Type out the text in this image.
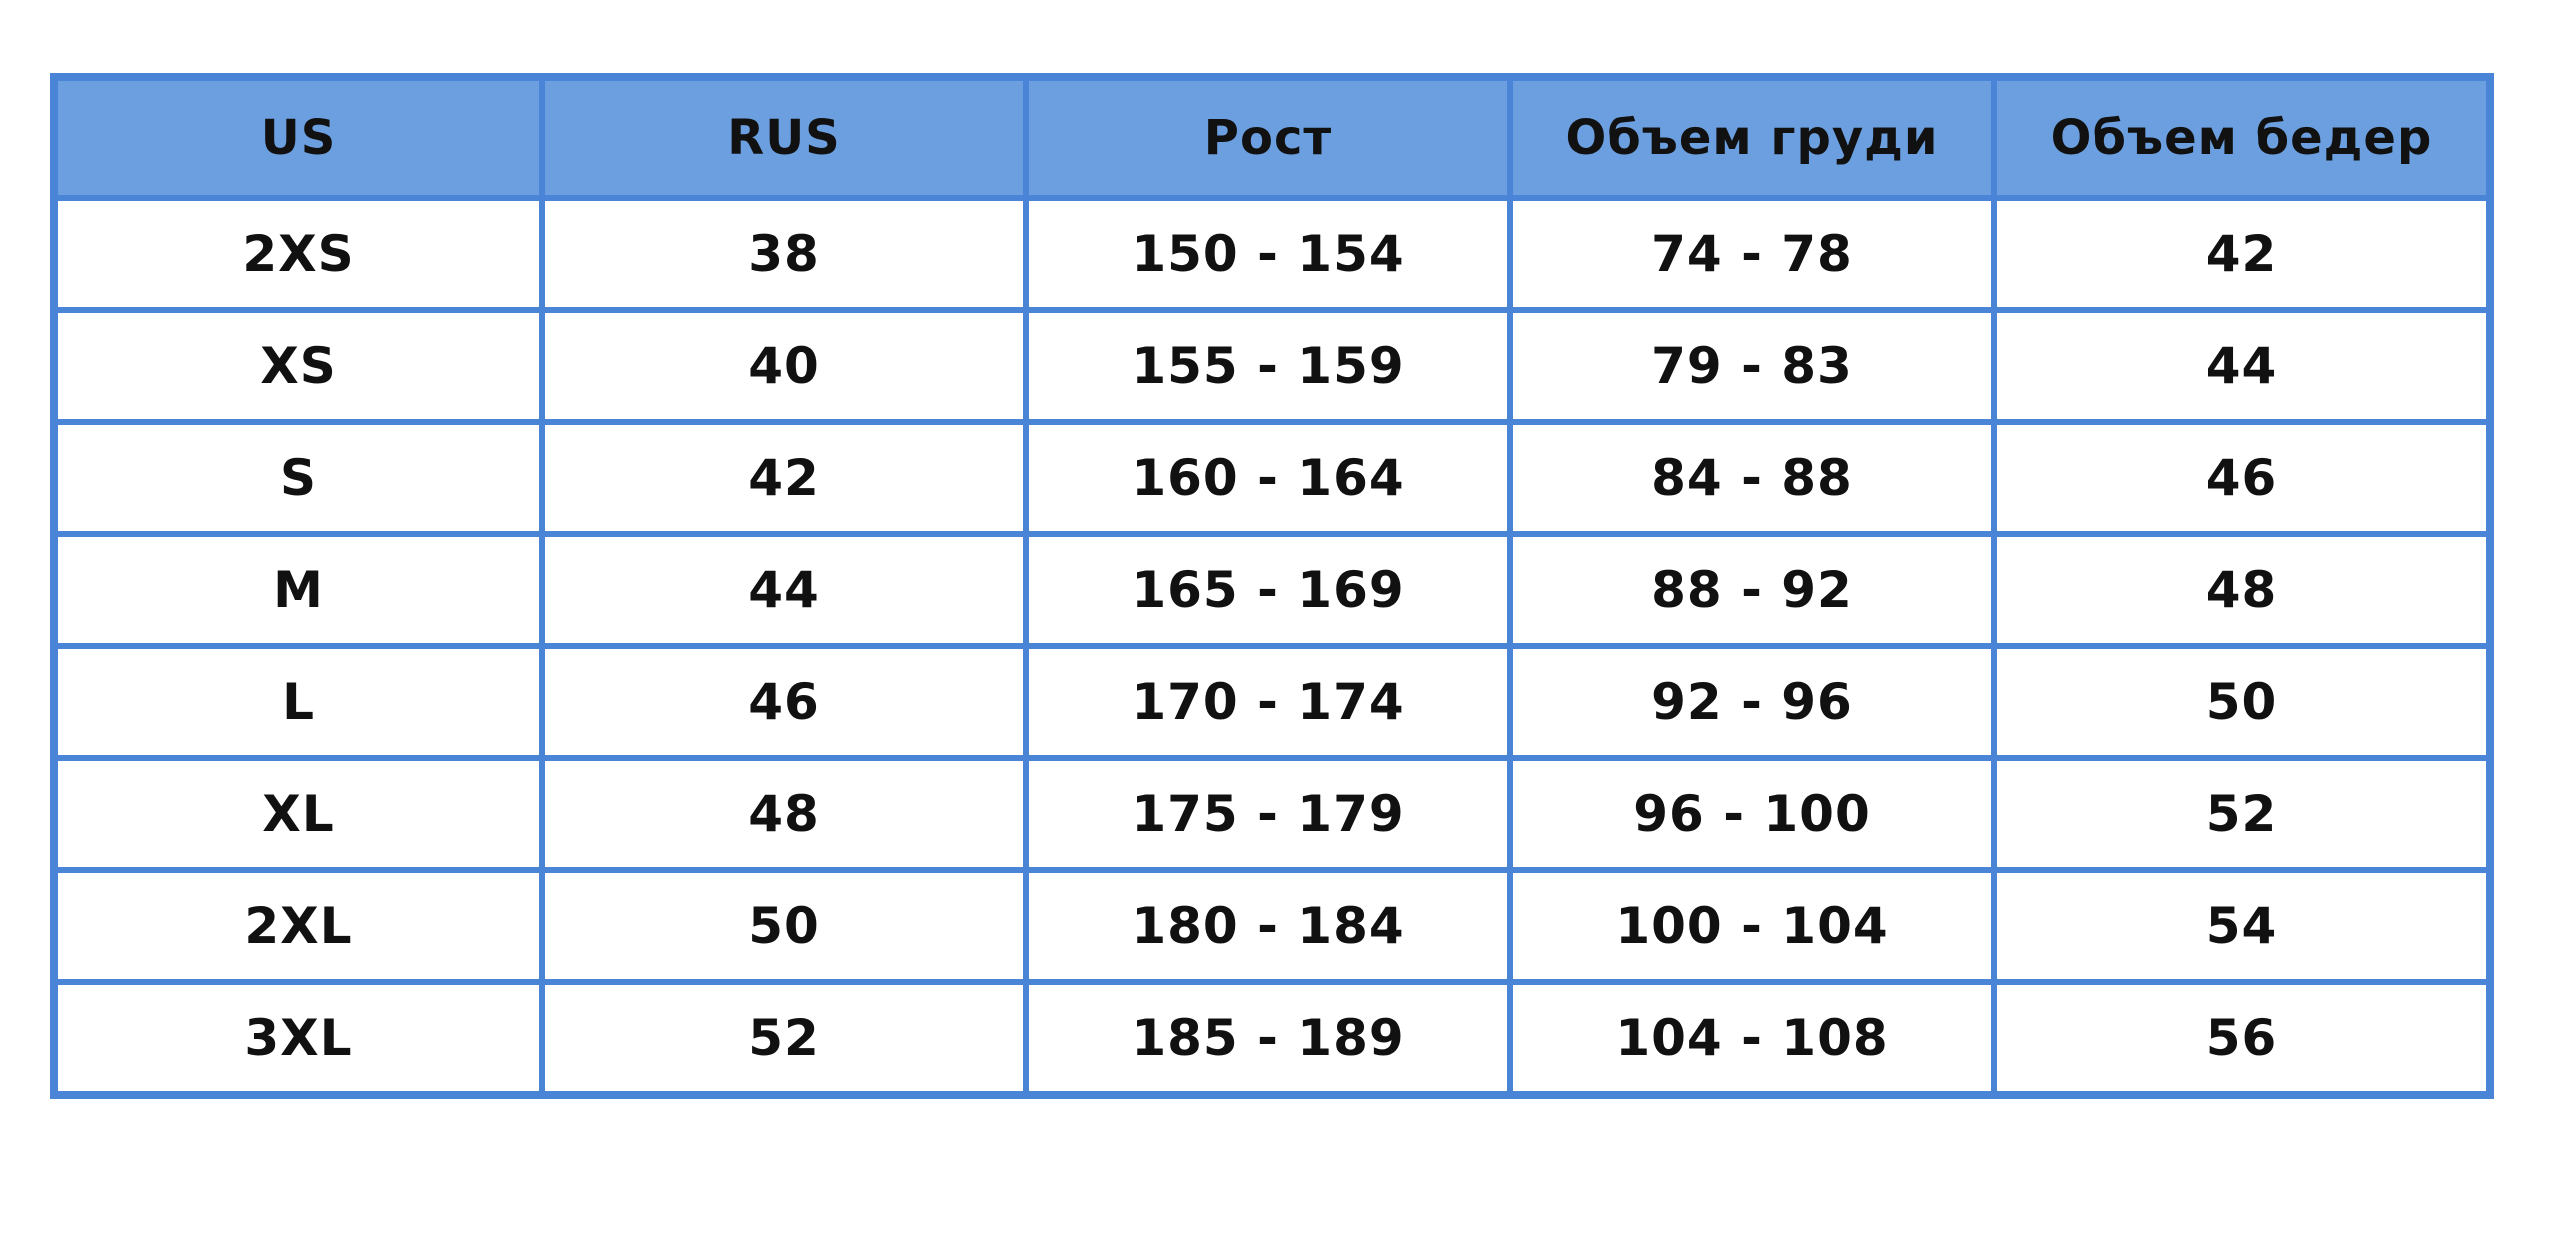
US	RUS	Рост	Объем груди	Объем бедер
2XS	38	150 - 154	74 - 78	42
XS	40	155 - 159	79 - 83	44
S	42	160 - 164	84 - 88	46
M	44	165 - 169	88 - 92	48
L	46	170 - 174	92 - 96	50
XL	48	175 - 179	96 - 100	52
2XL	50	180 - 184	100 - 104	54
3XL	52	185 - 189	104 - 108	56
